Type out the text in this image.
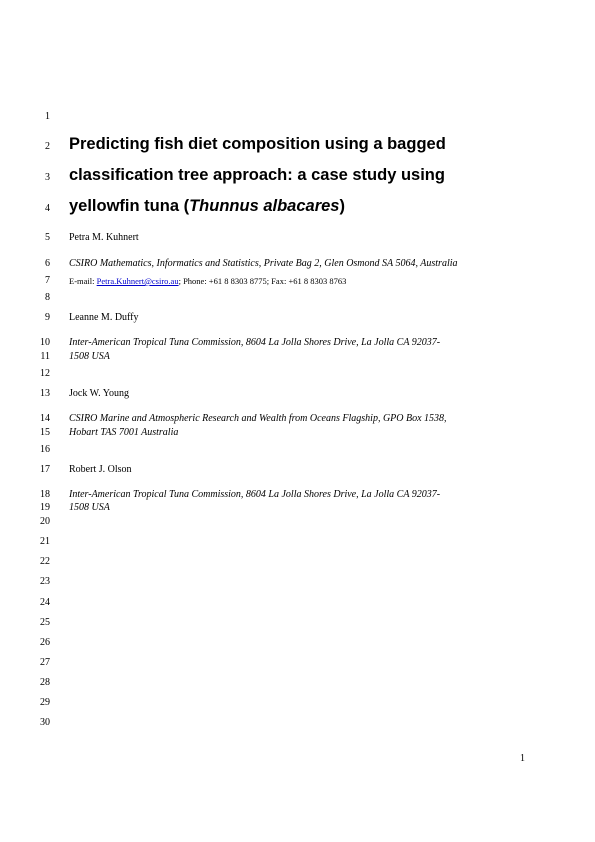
1
2
3
4
5
6
7
8
9
10
11
12
13
14
15
16
17
18
19
20
21
22
23
24
25
26
27
28
29
30
Predicting fish diet composition using a bagged
classification tree approach: a case study using
yellowfin tuna (Thunnus albacares)
Petra M. Kuhnert
CSIRO Mathematics, Informatics and Statistics, Private Bag 2, Glen Osmond SA 5064, Australia
E-mail: Petra.Kuhnert@csiro.au; Phone: +61 8 8303 8775; Fax: +61 8 8303 8763
Leanne M. Duffy
Inter-American Tropical Tuna Commission, 8604 La Jolla Shores Drive, La Jolla CA 92037-
1508 USA
Jock W. Young
CSIRO Marine and Atmospheric Research and Wealth from Oceans Flagship, GPO Box 1538,
Hobart TAS 7001 Australia
Robert J. Olson
Inter-American Tropical Tuna Commission, 8604 La Jolla Shores Drive, La Jolla CA 92037-
1508 USA
1
